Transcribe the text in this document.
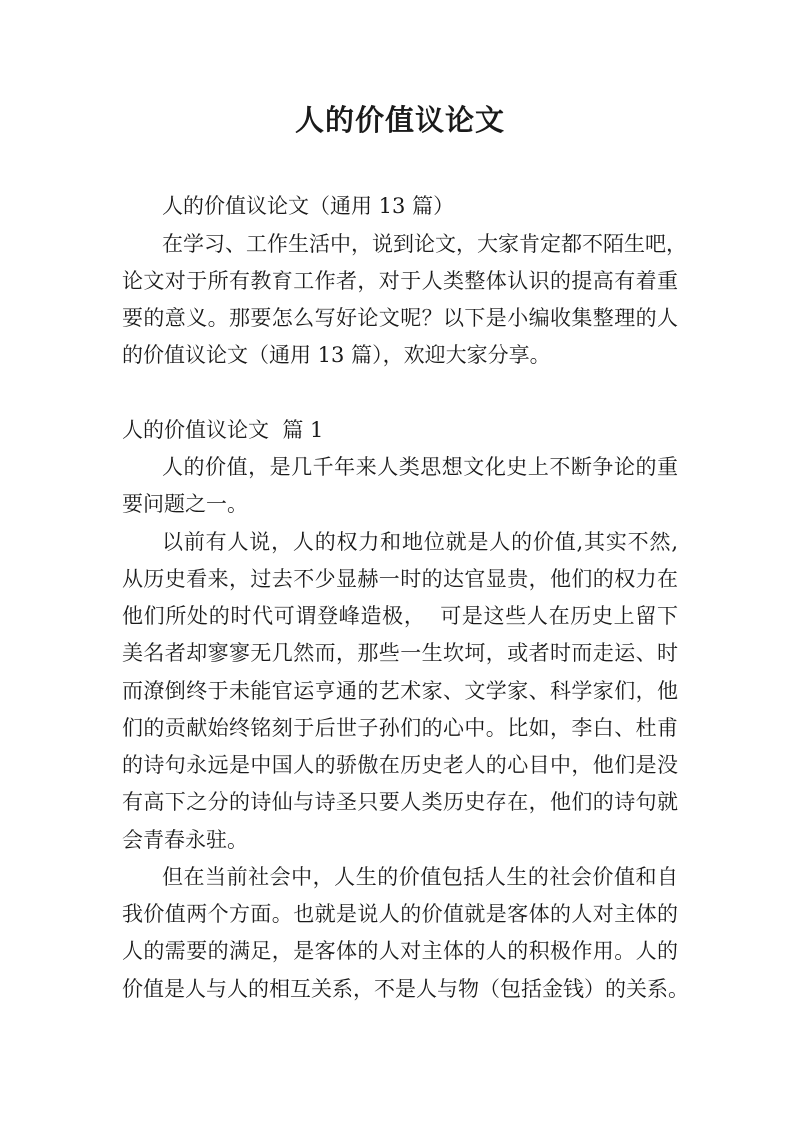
人的价值议论文

人的价值议论文（通用 13 篇）

在学习、工作生活中，说到论文，大家肯定都不陌生吧，

论文对于所有教育工作者，对于人类整体认识的提高有着重

要的意义。那要怎么写好论文呢？以下是小编收集整理的人

的价值议论文（通用 13 篇），欢迎大家分享。

人的价值议论文  篇 1

人的价值，是几千年来人类思想文化史上不断争论的重

要问题之一。

以前有人说，人的权力和地位就是人的价值,其实不然,

从历史看来，过去不少显赫一时的达官显贵，他们的权力在

他们所处的时代可谓登峰造极，  可是这些人在历史上留下

美名者却寥寥无几然而，那些一生坎坷，或者时而走运、时

而潦倒终于未能官运亨通的艺术家、文学家、科学家们，他

们的贡献始终铭刻于后世子孙们的心中。比如，李白、杜甫

的诗句永远是中国人的骄傲在历史老人的心目中，他们是没

有高下之分的诗仙与诗圣只要人类历史存在，他们的诗句就

会青春永驻。

但在当前社会中，人生的价值包括人生的社会价值和自

我价值两个方面。也就是说人的价值就是客体的人对主体的

人的需要的满足，是客体的人对主体的人的积极作用。人的

价值是人与人的相互关系，不是人与物（包括金钱）的关系。
